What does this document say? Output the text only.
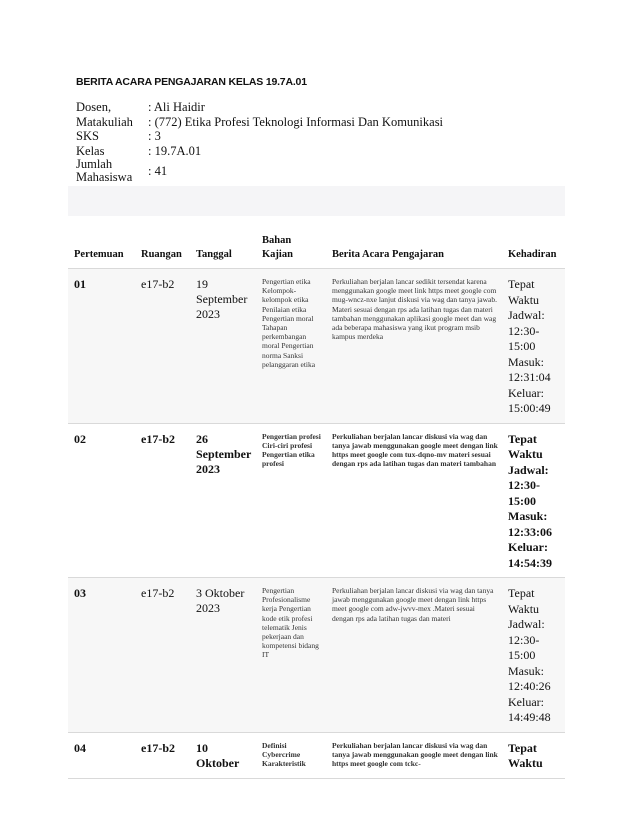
BERITA ACARA PENGAJARAN KELAS 19.7A.01
Dosen,	: Ali Haidir
Matakuliah	: (772) Etika Profesi Teknologi Informasi Dan Komunikasi
SKS	: 3
Kelas	: 19.7A.01
Jumlah Mahasiswa	: 41
Pertemuan	Ruangan	Tanggal	Bahan Kajian	Berita Acara Pengajaran	Kehadiran
01	e17-b2	19 September 2023	Pengertian etika Kelompok-kelompok etika Penilaian etika Pengertian moral Tahapan perkembangan moral Pengertian norma Sanksi pelanggaran etika	Perkuliahan berjalan lancar sedikit tersendat karena menggunakan google meet link https meet google com mug-wncz-nxe lanjut diskusi via wag dan tanya jawab. Materi sesuai dengan rps ada latihan tugas dan materi tambahan menggunakan aplikasi google meet dan wag ada beberapa mahasiswa yang ikut program msib kampus merdeka	Tepat Waktu Jadwal: 12:30-15:00 Masuk: 12:31:04 Keluar: 15:00:49
02	e17-b2	26 September 2023	Pengertian profesi Ciri-ciri profesi Pengertian etika profesi	Perkuliahan berjalan lancar diskusi via wag dan tanya jawab menggunakan google meet dengan link https meet google com tux-dqno-mv materi sesuai dengan rps ada latihan tugas dan materi tambahan	Tepat Waktu Jadwal: 12:30-15:00 Masuk: 12:33:06 Keluar: 14:54:39
03	e17-b2	3 Oktober 2023	Pengertian Profesionalisme kerja Pengertian kode etik profesi telematik Jenis pekerjaan dan kompetensi bidang IT	Perkuliahan berjalan lancar diskusi via wag dan tanya jawab menggunakan google meet dengan link https meet google com adw-jwvv-mex .Materi sesuai dengan rps ada latihan tugas dan materi	Tepat Waktu Jadwal: 12:30-15:00 Masuk: 12:40:26 Keluar: 14:49:48
04	e17-b2	10 Oktober	Definisi Cybercrime Karakteristik	Perkuliahan berjalan lancar diskusi via wag dan tanya jawab menggunakan google meet dengan link https meet google com tckc-	Tepat Waktu
